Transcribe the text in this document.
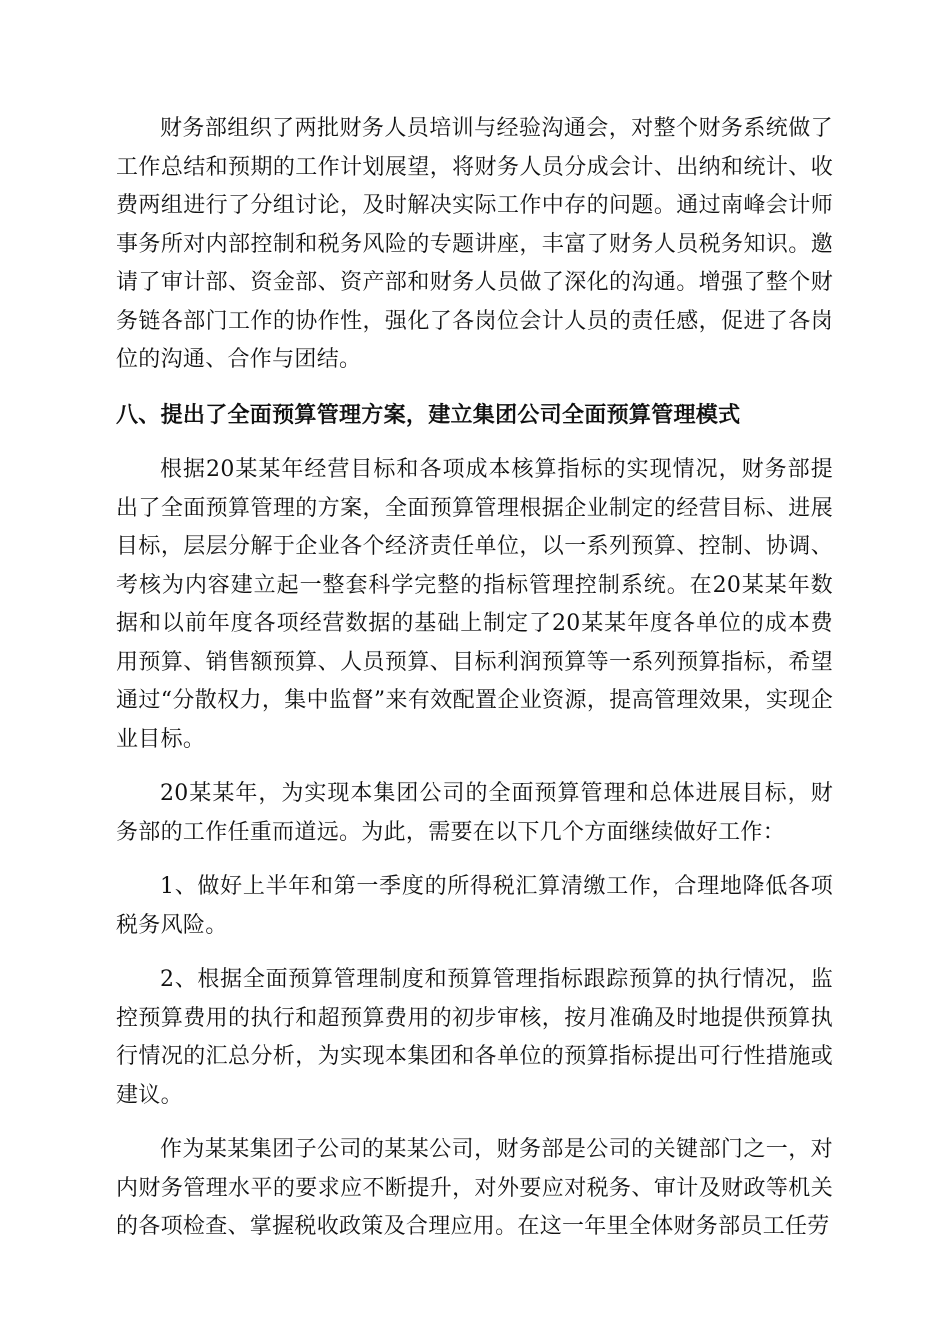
财务部组织了两批财务人员培训与经验沟通会，对整个财务系统做了工作总结和预期的工作计划展望，将财务人员分成会计、出纳和统计、收费两组进行了分组讨论，及时解决实际工作中存的问题。通过南峰会计师事务所对内部控制和税务风险的专题讲座，丰富了财务人员税务知识。邀请了审计部、资金部、资产部和财务人员做了深化的沟通。增强了整个财务链各部门工作的协作性，强化了各岗位会计人员的责任感，促进了各岗位的沟通、合作与团结。

八、提出了全面预算管理方案，建立集团公司全面预算管理模式

根据20某某年经营目标和各项成本核算指标的实现情况，财务部提出了全面预算管理的方案，全面预算管理根据企业制定的经营目标、进展目标，层层分解于企业各个经济责任单位，以一系列预算、控制、协调、考核为内容建立起一整套科学完整的指标管理控制系统。在20某某年数据和以前年度各项经营数据的基础上制定了20某某年度各单位的成本费用预算、销售额预算、人员预算、目标利润预算等一系列预算指标，希望通过“分散权力，集中监督”来有效配置企业资源，提高管理效果，实现企业目标。

20某某年，为实现本集团公司的全面预算管理和总体进展目标，财务部的工作任重而道远。为此，需要在以下几个方面继续做好工作：

1、做好上半年和第一季度的所得税汇算清缴工作，合理地降低各项税务风险。

2、根据全面预算管理制度和预算管理指标跟踪预算的执行情况，监控预算费用的执行和超预算费用的初步审核，按月准确及时地提供预算执行情况的汇总分析，为实现本集团和各单位的预算指标提出可行性措施或建议。

作为某某集团子公司的某某公司，财务部是公司的关键部门之一，对内财务管理水平的要求应不断提升，对外要应对税务、审计及财政等机关的各项检查、掌握税收政策及合理应用。在这一年里全体财务部员工任劳
